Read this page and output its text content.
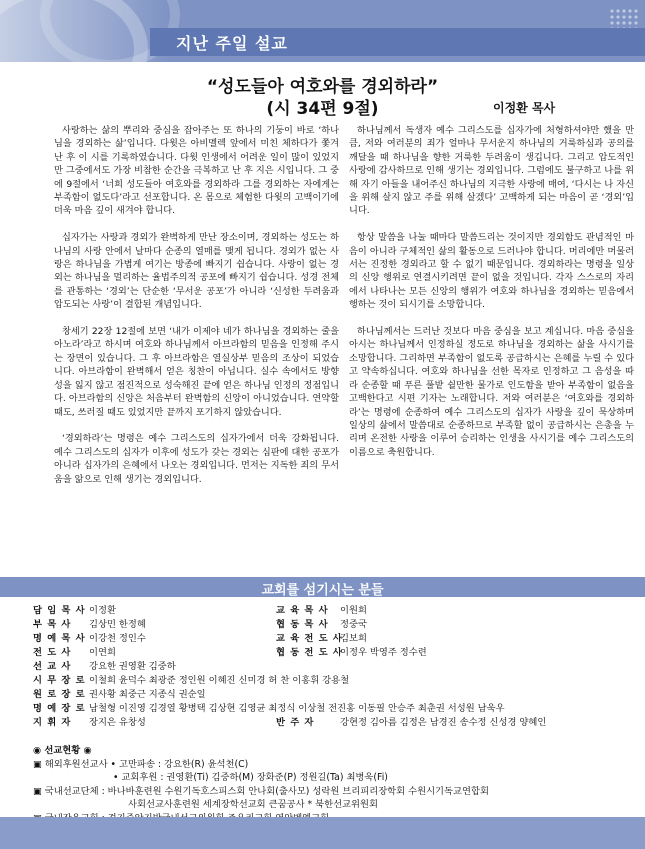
지난 주일 설교
“성도들아 여호와를 경외하라”
(시 34편 9절)	이정환 목사

사랑하는 삶의 뿌리와 중심을 잡아주는 또 하나의 기둥이 바로 ‘하나님을 경외하는 삶’입니다. 다윗은 아비멜렉 앞에서 미친 체하다가 쫓겨난 후 이 시를 기록하였습니다. 다윗 인생에서 어려운 일이 많이 있었지만 그중에서도 가장 비참한 순간을 극복하고 난 후 지은 시입니다. 그 중에 9절에서 ‘너희 성도들아 여호와를 경외하라 그를 경외하는 자에게는 부족함이 없도다’라고 선포합니다. 온 몸으로 체험한 다윗의 고백이기에 더욱 마음 깊이 새겨야 합니다.

십자가는 사랑과 경외가 완벽하게 만난 장소이며, 경외하는 성도는 하나님의 사랑 안에서 날마다 순종의 열매를 맺게 됩니다. 경외가 없는 사랑은 하나님을 가볍게 여기는 방종에 빠지기 쉽습니다. 사랑이 없는 경외는 하나님을 멀리하는 율법주의적 공포에 빠지기 쉽습니다. 성경 전체를 관통하는 ‘경외’는 단순한 ‘무서운 공포’가 아니라 ‘신성한 두려움과 압도되는 사랑’이 결합된 개념입니다.

창세기 22장 12절에 보면 ‘내가 이제야 네가 하나님을 경외하는 줄을 아노라’라고 하시며 여호와 하나님께서 아브라함의 믿음을 인정해 주시는 장면이 있습니다. 그 후 아브라함은 열실상부 믿음의 조상이 되었습니다. 아브라함이 완벽해서 얻은 칭찬이 아닙니다. 실수 속에서도 방향성을 잃지 않고 점진적으로 성숙해진 끝에 얻은 하나님 인정의 정점입니다. 아브라함의 신앙은 처음부터 완벽함의 신앙이 아니었습니다. 연약할 때도, 쓰러질 때도 있었지만 끝까지 포기하지 않았습니다.

‘경외하라’는 명령은 예수 그리스도의 십자가에서 더욱 강화됩니다. 예수 그리스도의 십자가 이후에 성도가 갖는 경외는 심판에 대한 공포가 아니라 십자가의 은혜에서 나오는 경외입니다. 먼저는 지독한 죄의 무서움을 앎으로 인해 생기는 경외입니다.

하나님께서 독생자 예수 그리스도를 십자가에 처형하셔야만 했을 만큼, 저와 여러분의 죄가 얼마나 무서운지 하나님의 거룩하심과 공의를 깨달을 때 하나님을 향한 거룩한 두려움이 생깁니다. 그리고 압도적인 사랑에 감사하므로 인해 생기는 경외입니다. 그럼에도 불구하고 나를 위해 자기 아들을 내어주신 하나님의 지극한 사랑에 매여, ‘다시는 나 자신을 위해 살지 않고 주를 위해 살겠다’ 고백하게 되는 마음이 곧 ‘경외’입니다.

항상 말씀을 나눌 때마다 말씀드리는 것이지만 경외함도 관념적인 마음이 아니라 구체적인 삶의 활동으로 드러나야 합니다. 머리에만 머물러서는 진정한 경외라고 할 수 없기 때문입니다. 경외하라는 명령을 일상의 신앙 행위로 연결시키려면 끝이 없을 것입니다. 각자 스스로의 자리에서 나타나는 모든 신앙의 행위가 여호와 하나님을 경외하는 믿음에서 행하는 것이 되시기를 소망합니다.

하나님께서는 드러난 것보다 마음 중심을 보고 계십니다. 마음 중심을 아시는 하나님께서 인정하실 정도로 하나님을 경외하는 삶을 사시기를 소망합니다. 그리하면 부족함이 없도록 공급하시는 은혜를 누릴 수 있다고 약속하십니다. 여호와 하나님을 선한 목자로 인정하고 그 음성을 따라 순종할 때 푸른 풀밭 쉴만한 물가로 인도함을 받아 부족함이 없음을 고백한다고 시편 기자는 노래합니다. 저와 여러분은 ‘여호와를 경외하라’는 명령에 순종하여 예수 그리스도의 십자가 사랑을 깊이 묵상하며 일상의 삶에서 말씀대로 순종하므로 부족할 없이 공급하시는 은총을 누리며 온전한 사랑을 이루어 승리하는 인생을 사시기를 예수 그리스도의 이름으로 축원합니다.

교회를 섬기시는 분들
담 임 목 사 이정환
부 목 사 김상민 한정혜
명 예 목 사 이강천 정인수
전 도 사 이연희
선 교 사 강요한 권영환 김중하
시 무 장 로 이철희 윤덕수 최광준 정인원 이혜진 신미경 허 찬 이홍휘 강용철
원 로 장 로 권사황 최중근 지종식 권순일
명 예 장 로 남철형 이진영 김경열 황병택 김상현 김영균 최정식 이상철 전진홍 이동필 안승주 최춘권 서성원 남욱우
지 휘 자 장지은 유창성
교 육 목 사 이원희
협 동 목 사 정중국
교 육 전 도 사김보희
협 동 전 도 사이정우 박영주 정수련
반 주 자	강현정 김아름 김정은 남경진 송수정 신성경 양혜인
◉ 선교현황 ◉
▣ 해외후원선교사 • 고만파송 : 강요한(R) 윤석천(C)
• 교회후원 : 권영환(Ti) 김중하(M) 장화준(P) 정원길(Ta) 최병욱(Fi)
▣ 국내선교단체 : 바나바훈련원 수원기독호스피스회 안나회(출사모) 성락원 브리피리장학회 수원시기독교연합회
사회선교사훈련원 세계장학선교회 큰꿈공사 * 북한선교위원회
